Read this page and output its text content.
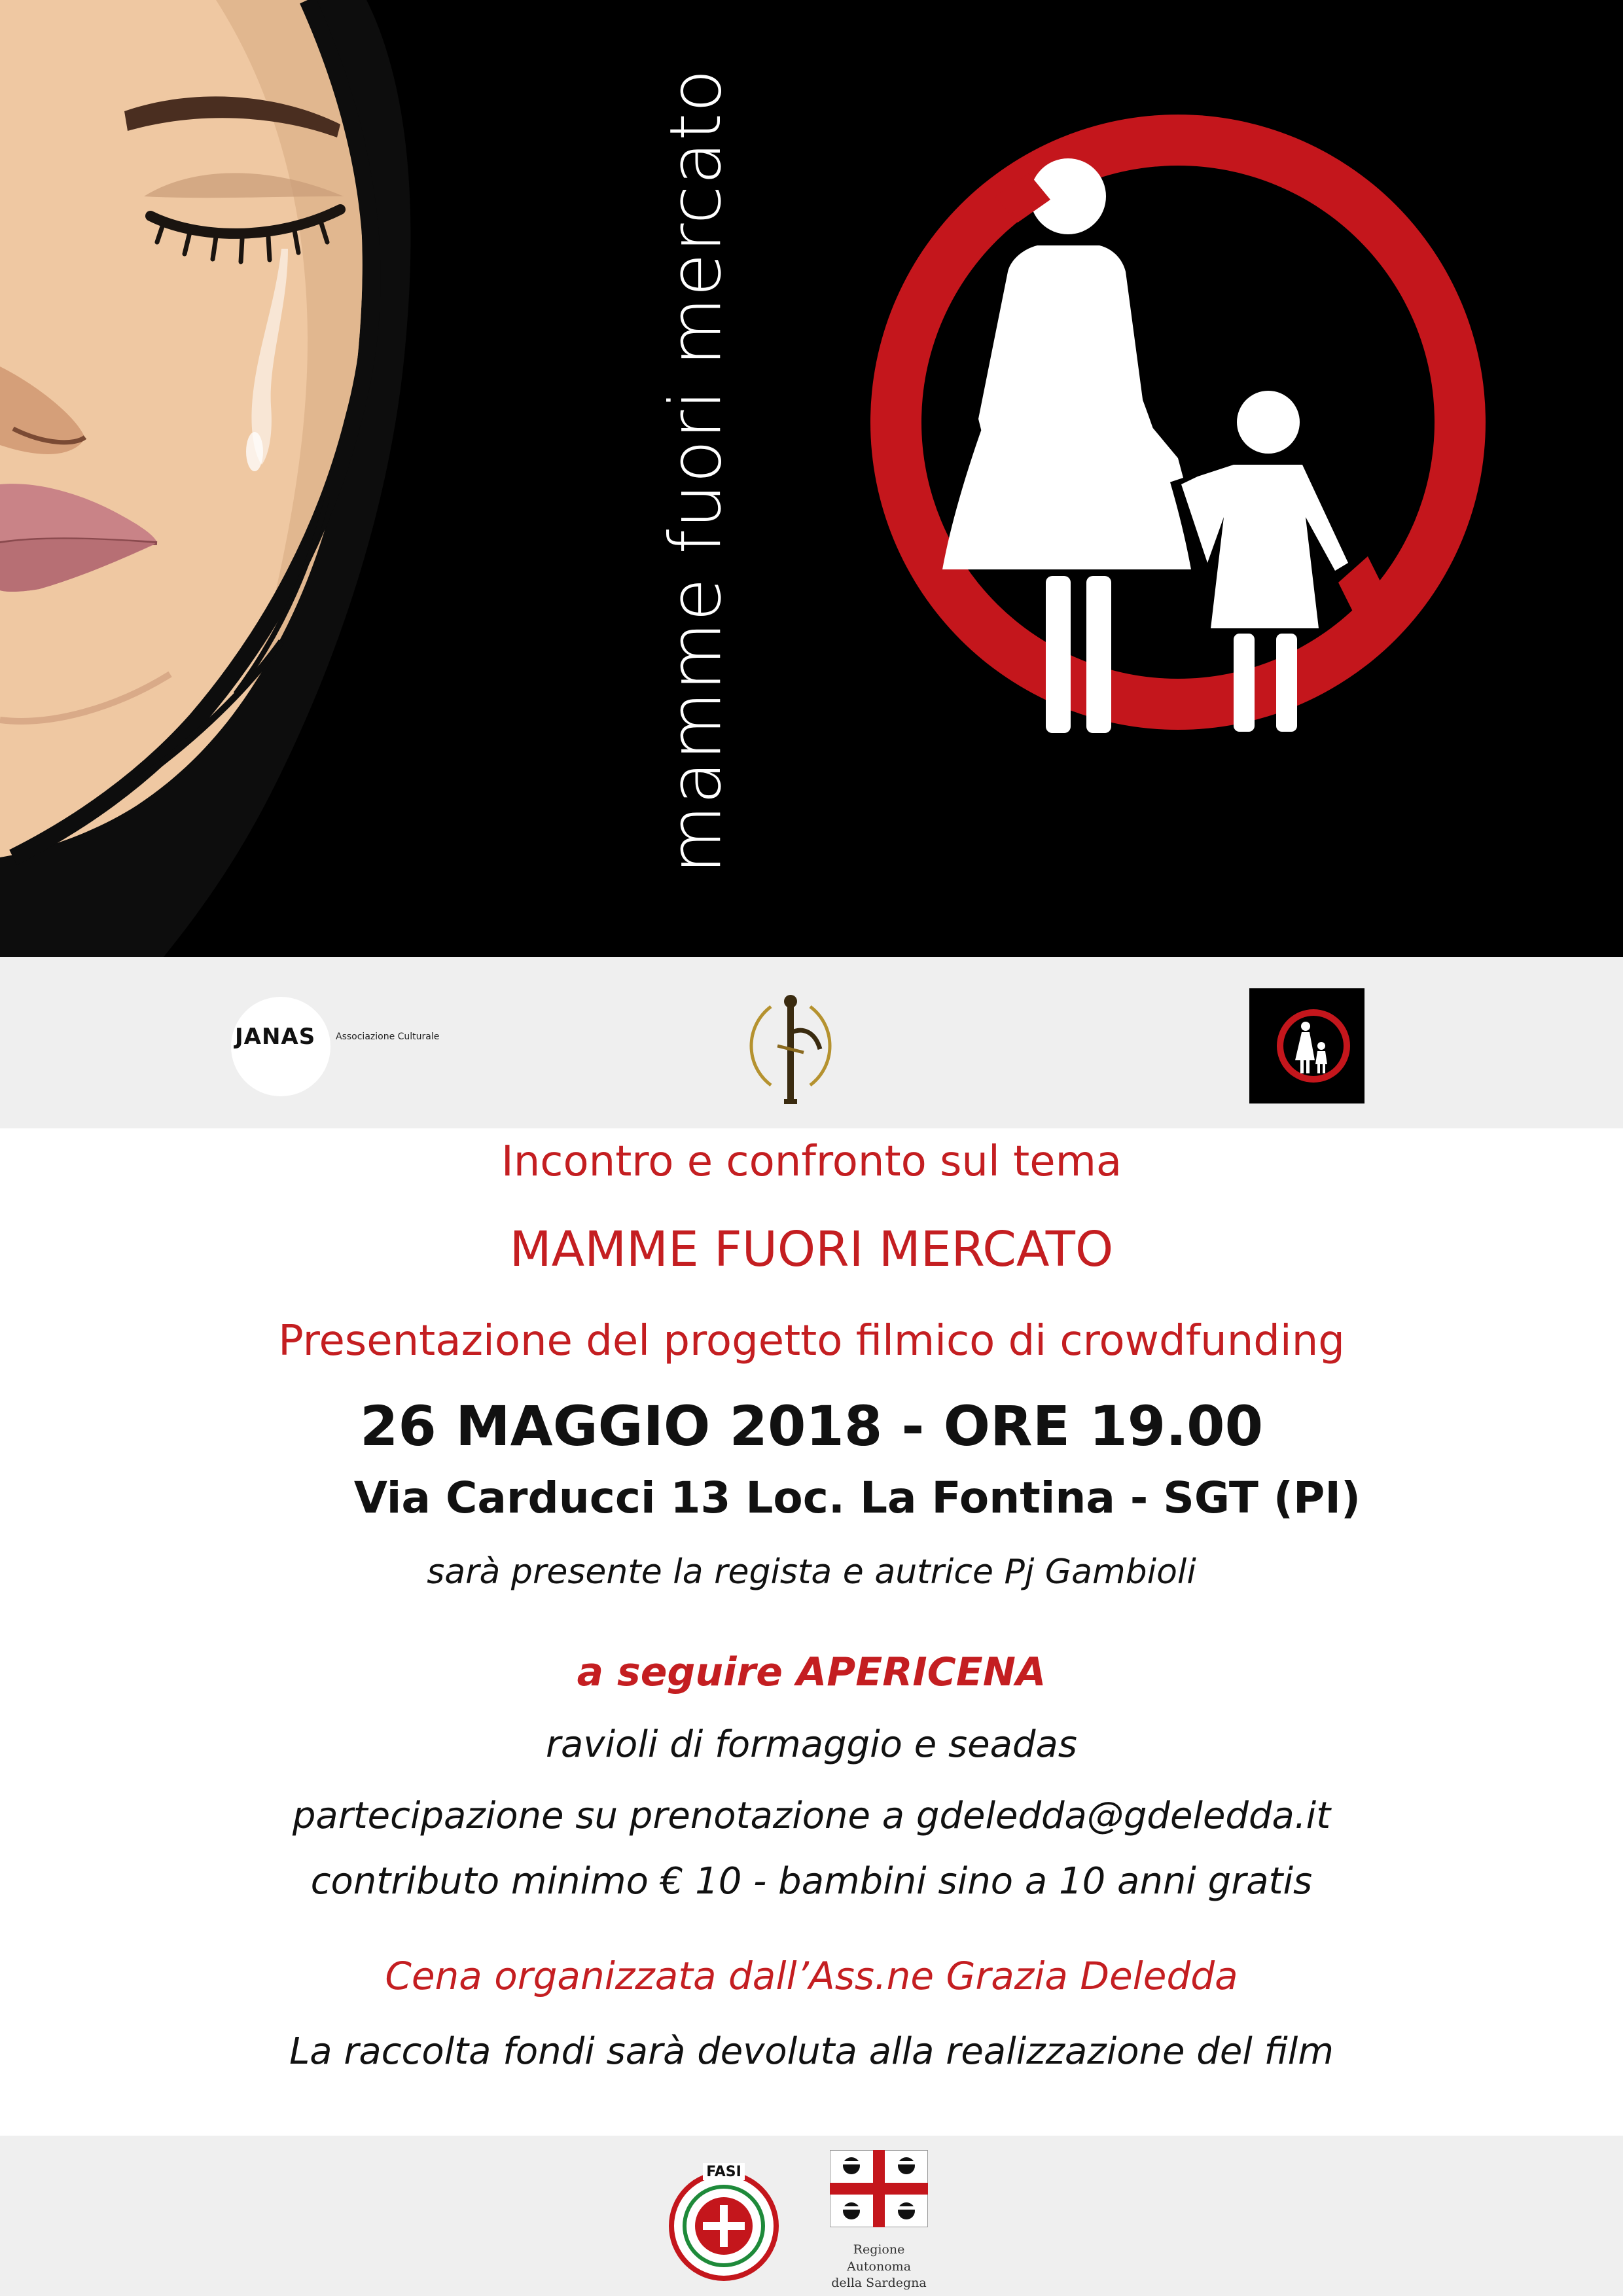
mamme fuori mercato
JANAS Associazione Culturale
Incontro e confronto sul tema
MAMME FUORI MERCATO
Presentazione del progetto filmico di crowdfunding
26 MAGGIO 2018 - ORE 19.00
Via Carducci 13 Loc. La Fontina - SGT (PI)
sarà presente la regista e autrice Pj Gambioli
a seguire APERICENA
ravioli di formaggio e seadas
partecipazione su prenotazione a gdeledda@gdeledda.it
contributo minimo € 10 - bambini sino a 10 anni gratis
Cena organizzata dall’Ass.ne Grazia Deledda
La raccolta fondi sarà devoluta alla realizzazione del film
FASI
Regione Autonoma
della Sardegna
